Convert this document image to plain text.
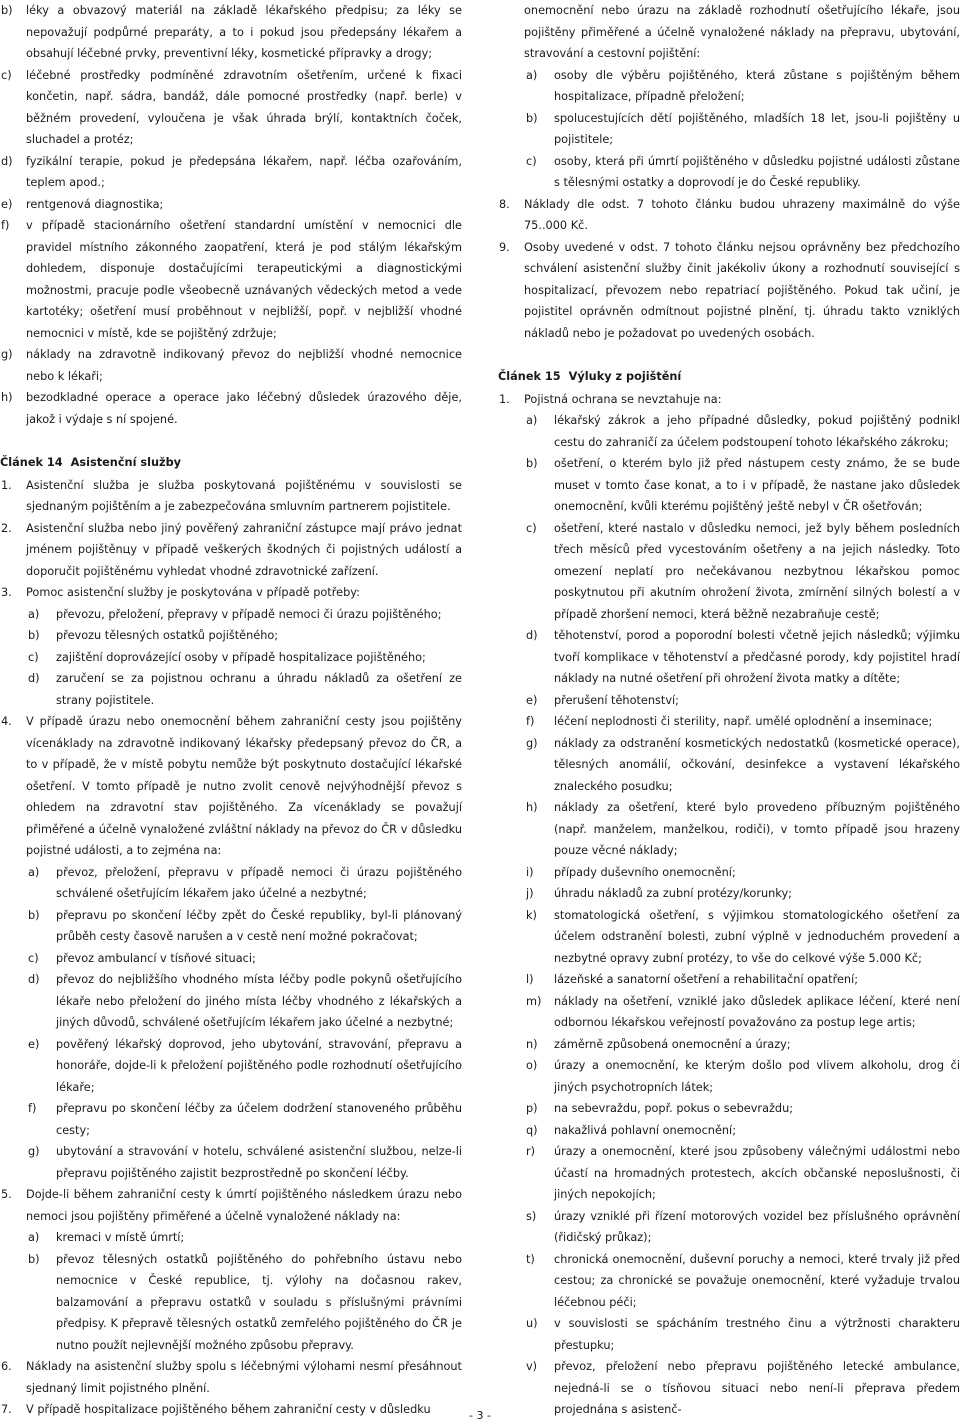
b) léky a obvazový materiál na základě lékařského předpisu; za léky se nepovažují podpůrné preparáty, a to i pokud jsou předepsány lékařem a obsahují léčebné prvky, preventivní léky, kosmetické přípravky a drogy;
c) léčebné prostředky podmíněné zdravotním ošetřením, určené k fixaci končetin, např. sádra, bandáž, dále pomocné prostředky (např. berle) v běžném provedení, vyloučena je však úhrada brýlí, kontaktních čoček, sluchadel a protéz;
d) fyzikální terapie, pokud je předepsána lékařem, např. léčba ozařováním, teplem apod.;
e) rentgenová diagnostika;
f) v případě stacionárního ošetření standardní umístění v nemocnici dle pravidel místního zákonného zaopatření, která je pod stálým lékařským dohledem, disponuje dostačujícími terapeutickými a diagnostickými možnostmi, pracuje podle všeobecně uznávaných vědeckých metod a vede kartotéky; ošetření musí proběhnout v nejbližší, popř. v nejbližší vhodné nemocnici v místě, kde se pojištěný zdržuje;
g) náklady na zdravotně indikovaný převoz do nejbližší vhodné nemocnice nebo k lékaři;
h) bezodkladné operace a operace jako léčebný důsledek úrazového děje, jakož i výdaje s ní spojené.
Článek 14 Asistenční služby
1. Asistenční služba je služba poskytovaná pojištěnému v souvislosti se sjednaným pojištěním a je zabezpečována smluvním partnerem pojistitele.
2. Asistenční služba nebo jiný pověřený zahraniční zástupce mají právo jednat jménem pojištěnцу v případě veškerých škodných či pojistných událostí a doporučit pojištěnému vyhledat vhodné zdravotnické zařízení.
3. Pomoc asistenční služby je poskytována v případě potřeby:
a) převozu, přeložení, přepravy v případě nemoci či úrazu pojištěného;
b) převozu tělesných ostatků pojištěného;
c) zajištění doprovázející osoby v případě hospitalizace pojištěného;
d) zaručení se za pojistnou ochranu a úhradu nákladů za ošetření ze strany pojistitele.
4. V případě úrazu nebo onemocnění během zahraniční cesty jsou pojištěny vícenáklady na zdravotně indikovaný lékařsky předepsaný převoz do ČR, a to v případě, že v místě pobytu nemůže být poskytnuto dostačující lékařské ošetření. V tomto případě je nutno zvolit cenově nejvýhodnější převoz s ohledem na zdravotní stav pojištěného. Za vícenáklady se považují přiměřené a účelně vynaložené zvláštní náklady na převoz do ČR v důsledku pojistné události, a to zejména na:
a) převoz, přeložení, přepravu v případě nemoci či úrazu pojištěného schválené ošetřujícím lékařem jako účelné a nezbytné;
b) přepravu po skončení léčby zpět do České republiky, byl-li plánovaný průběh cesty časově narušen a v cestě není možné pokračovat;
c) převoz ambulancí v tísňové situaci;
d) převoz do nejbližšího vhodného místa léčby podle pokynů ošetřujícího lékaře nebo přeložení do jiného místa léčby vhodného z lékařských a jiných důvodů, schválené ošetřujícím lékařem jako účelné a nezbytné;
e) pověřený lékařský doprovod, jeho ubytování, stravování, přepravu a honoráře, dojde-li k přeložení pojištěného podle rozhodnutí ošetřujícího lékaře;
f) přepravu po skončení léčby za účelem dodržení stanoveného průběhu cesty;
g) ubytování a stravování v hotelu, schválené asistenční službou, nelze-li přepravu pojištěného zajistit bezprostředně po skončení léčby.
5. Dojde-li během zahraniční cesty k úmrtí pojištěného následkem úrazu nebo nemoci jsou pojištěny přiměřené a účelně vynaložené náklady na:
a) kremaci v místě úmrtí;
b) převoz tělesných ostatků pojištěného do pohřebního ústavu nebo nemocnice v České republice, tj. výlohy na dočasnou rakev, balzamování a přepravu ostatků v souladu s příslušnými právními předpisy. K přepravě tělesných ostatků zemřelého pojištěného do ČR je nutno použít nejlevnější možného způsobu přepravy.
6. Náklady na asistenční služby spolu s léčebnými výlohami nesmí přesáhnout sjednaný limit pojistného plnění.
7. V případě hospitalizace pojištěného během zahraniční cesty v důsledku
onemocnění nebo úrazu na základě rozhodnutí ošetřujícího lékaře, jsou pojištěny přiměřené a účelně vynaložené náklady na přepravu, ubytování, stravování a cestovní pojištění:
a) osoby dle výběru pojištěného, která zůstane s pojištěným během hospitalizace, případně přeložení;
b) spolucestujících dětí pojištěného, mladších 18 let, jsou-li pojištěny u pojistitele;
c) osoby, která při úmrtí pojištěného v důsledku pojistné události zůstane s tělesnými ostatky a doprovodí je do České republiky.
8. Náklady dle odst. 7 tohoto článku budou uhrazeny maximálně do výše 75..000 Kč.
9. Osoby uvedené v odst. 7 tohoto článku nejsou oprávněny bez předchozího schválení asistenční služby činit jakékoliv úkony a rozhodnutí související s hospitalizací, převozem nebo repatriací pojištěného. Pokud tak učiní, je pojistitel oprávněn odmítnout pojistné plnění, tj. úhradu takto vzniklých nákladů nebo je požadovat po uvedených osobách.
Článek 15 Výluky z pojištění
1. Pojistná ochrana se nevztahuje na:
a) lékařský zákrok a jeho případné důsledky, pokud pojištěný podnikl cestu do zahraničí za účelem podstoupení tohoto lékařského zákroku;
b) ošetření, o kterém bylo již před nástupem cesty známo, že se bude muset v tomto čase konat, a to i v případě, že nastane jako důsledek onemocnění, kvůli kterému pojištěný ještě nebyl v ČR ošetřován;
c) ošetření, které nastalo v důsledku nemoci, jež byly během posledních třech měsíců před vycestováním ošetřeny a na jejich následky. Toto omezení neplatí pro nečekávanou nezbytnou lékařskou pomoc poskytnutou při akutním ohrožení života, zmírnění silných bolestí a v případě zhoršení nemoci, která běžně nezabraňuje cestě;
d) těhotenství, porod a poporodní bolesti včetně jejich následků; výjimku tvoří komplikace v těhotenství a předčasné porody, kdy pojistitel hradí náklady na nutné ošetření při ohrožení života matky a dítěte;
e) přerušení těhotenství;
f) léčení neplodnosti či sterility, např. umělé oplodnění a inseminace;
g) náklady za odstranění kosmetických nedostatků (kosmetické operace), tělesných anomálií, očkování, desinfekce a vystavení lékařského znaleckého posudku;
h) náklady za ošetření, které bylo provedeno příbuzným pojištěného (např. manželem, manželkou, rodiči), v tomto případě jsou hrazeny pouze věcné náklady;
i) případy duševního onemocnění;
j) úhradu nákladů za zubní protézy/korunky;
k) stomatologická ošetření, s výjimkou stomatologického ošetření za účelem odstranění bolesti, zubní výplně v jednoduchém provedení a nezbytné opravy zubní protézy, to vše do celkové výše 5.000 Kč;
l) lázeňské a sanatorní ošetření a rehabilitační opatření;
m) náklady na ošetření, vzniklé jako důsledek aplikace léčení, které není odbornou lékařskou veřejností považováno za postup lege artis;
n) záměrně způsobená onemocnění a úrazy;
o) úrazy a onemocnění, ke kterým došlo pod vlivem alkoholu, drog či jiných psychotropních látek;
p) na sebevraždu, popř. pokus o sebevraždu;
q) nakažlivá pohlavní onemocnění;
r) úrazy a onemocnění, které jsou způsobeny válečnými událostmi nebo účastí na hromadných protestech, akcích občanské neposlušnosti, či jiných nepokojích;
s) úrazy vzniklé při řízení motorových vozidel bez příslušného oprávnění (řidičský průkaz);
t) chronická onemocnění, duševní poruchy a nemoci, které trvaly již před cestou; za chronické se považuje onemocnění, které vyžaduje trvalou léčebnou péči;
u) v souvislosti se spácháním trestného činu a výtržnosti charakteru přestupku;
v) převoz, přeložení nebo přepravu pojištěného letecké ambulance, nejedná-li se o tísňovou situaci nebo není-li přeprava předem projednána s asistenč-
- 3 -
